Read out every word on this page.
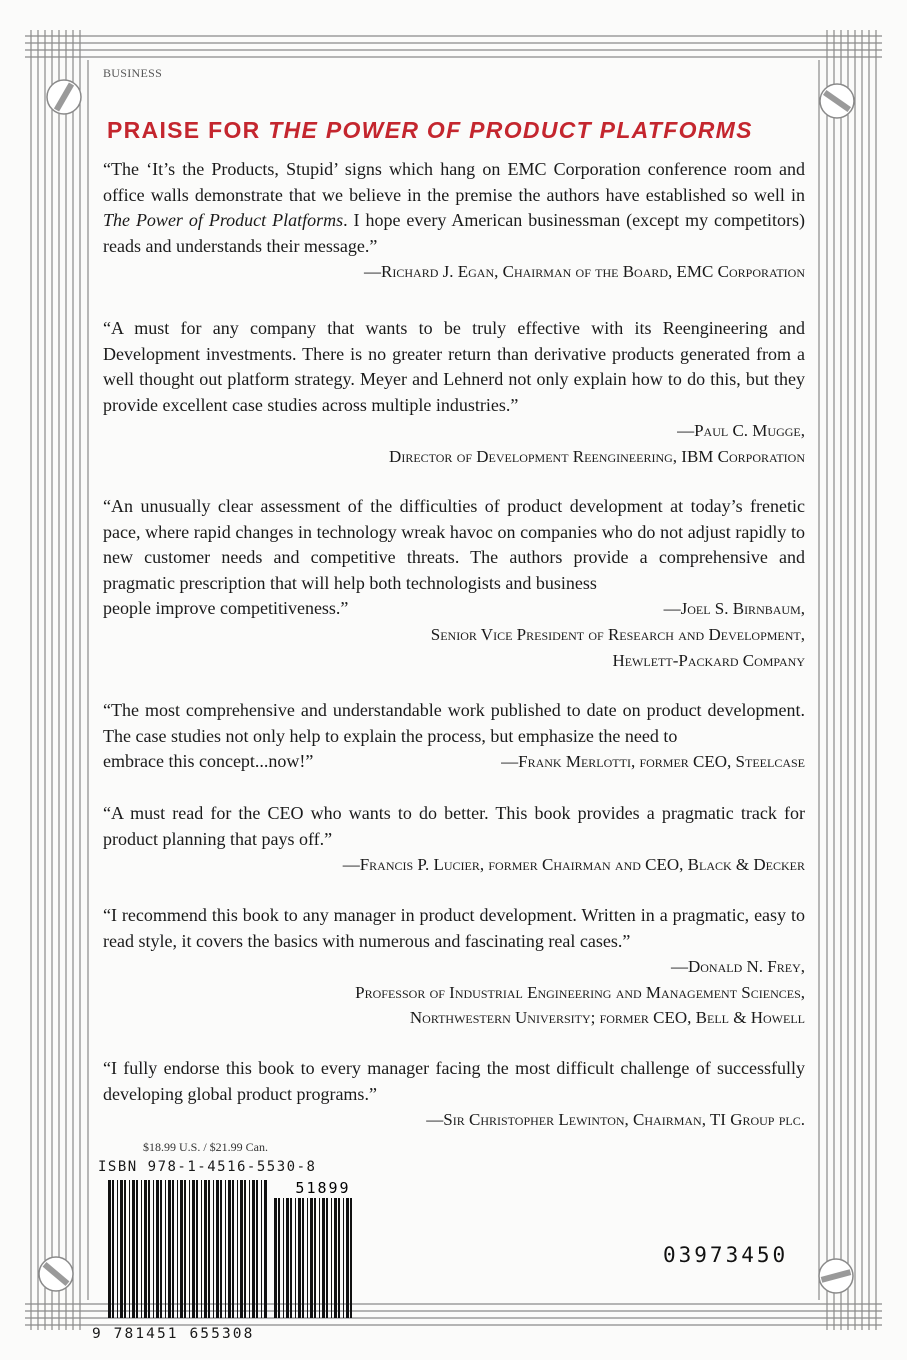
BUSINESS
PRAISE FOR THE POWER OF PRODUCT PLATFORMS

“The ‘It’s the Products, Stupid’ signs which hang on EMC Corporation conference room and office walls demonstrate that we believe in the premise the authors have established so well in The Power of Product Platforms. I hope every American businessman (except my competitors) reads and understands their message.”

—Richard J. Egan, Chairman of the Board, EMC Corporation

“A must for any company that wants to be truly effective with its Reengineering and Development investments. There is no greater return than derivative products generated from a well thought out platform strategy. Meyer and Lehnerd not only explain how to do this, but they provide excellent case studies across multiple industries.”

—Paul C. Mugge,

Director of Development Reengineering, IBM Corporation

“An unusually clear assessment of the difficulties of product development at today’s frenetic pace, where rapid changes in technology wreak havoc on companies who do not adjust rapidly to new customer needs and competitive threats. The authors provide a comprehensive and pragmatic prescription that will help both technologists and business

people improve competitiveness.”	—Joel S. Birnbaum,

Senior Vice President of Research and Development,

Hewlett-Packard Company

“The most comprehensive and understandable work published to date on product development. The case studies not only help to explain the process, but emphasize the need to

embrace this concept...now!”	—Frank Merlotti, former CEO, Steelcase

“A must read for the CEO who wants to do better. This book provides a pragmatic track for product planning that pays off.”

—Francis P. Lucier, former Chairman and CEO, Black & Decker

“I recommend this book to any manager in product development. Written in a pragmatic, easy to read style, it covers the basics with numerous and fascinating real cases.”

—Donald N. Frey,

Professor of Industrial Engineering and Management Sciences,

Northwestern University; former CEO, Bell & Howell

“I fully endorse this book to every manager facing the most difficult challenge of successfully developing global product programs.”

—Sir Christopher Lewinton, Chairman, TI Group plc.

$18.99 U.S. / $21.99 Can.
ISBN 978-1-4516-5530-8
51899
9 781451 655308
03973450
